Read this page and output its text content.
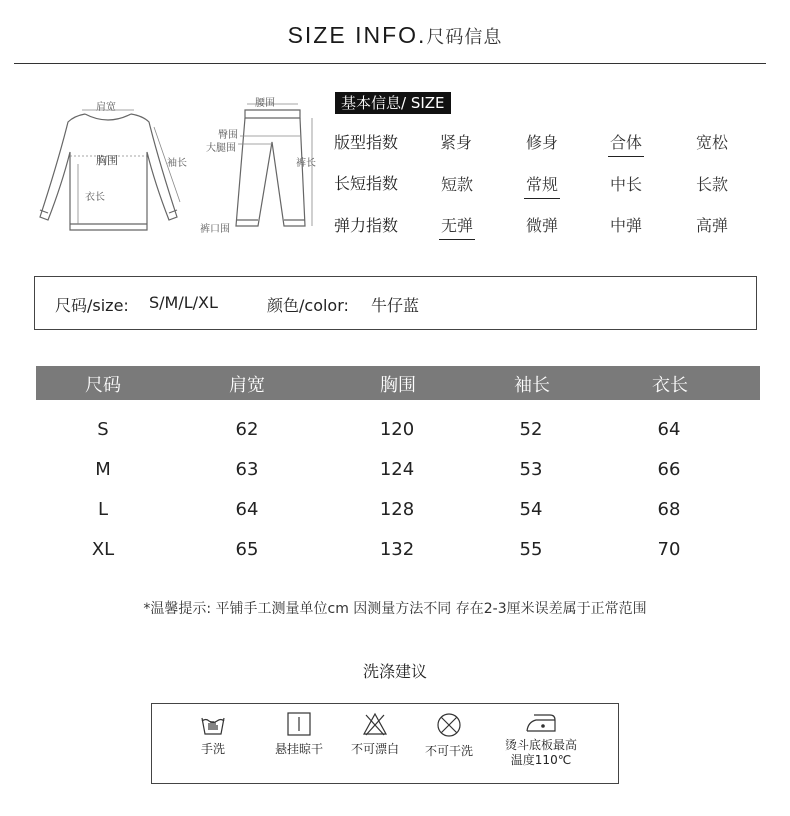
SIZE INFO.尺码信息
肩宽
胸围	袖长
衣长
腰围
臀围
大腿围
裤长
裤口围
基本信息/ SIZE
版型指数	紧身	修身	合体	宽松
长短指数	短款	常规	中长	长款
弹力指数	无弹	微弹	中弹	高弹
尺码/size: S/M/L/XL	颜色/color: 牛仔蓝
尺码	肩宽	胸围	袖长	衣长
S	62	120	52	64
M	63	124	53	66
L	64	128	54	68
XL	65	132	55	70
*温馨提示: 平铺手工测量单位cm 因测量方法不同 存在2-3厘米误差属于正常范围
洗涤建议
手洗	悬挂晾干	不可漂白	不可干洗	烫斗底板最高
温度110℃
